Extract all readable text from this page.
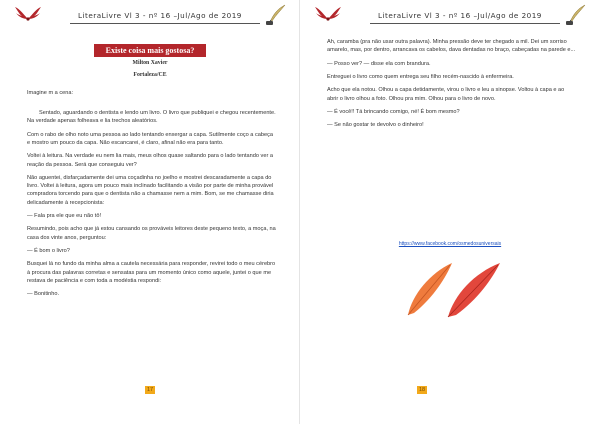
LiteraLivre Vl 3 - nº 16 –Jul/Ago de 2019
Existe coisa mais gostosa?
Milton Xavier
Fortaleza/CE

Imagine m a cena:

Sentado, aguardando o dentista e lendo um livro. O livro que publiquei e chegou recentemente. Na verdade apenas folheava e lia trechos aleatórios.

Com o rabo de olho noto uma pessoa ao lado tentando enxergar a capa. Sutilmente coço a cabeça e mostro um pouco da capa. Não escancarei, é claro, afinal não era para tanto.

Voltei à leitura. Na verdade eu nem lia mais, meus olhos quase saltando para o lado tentando ver a reação da pessoa. Será que conseguiu ver?

Não aguentei, disfarçadamente dei uma coçadinha no joelho e mostrei descaradamente a capa do livro. Voltei à leitura, agora um pouco mais inclinado facilitando a visão por parte de minha provável compradora torcendo para que o dentista não a chamasse nem a mim. Bom, se me chamasse diria delicadamente à recepcionista:

— Fala pra ele que eu não tô!

Resumindo, pois acho que já estou cansando os prováveis leitores deste pequeno texto, a moça, na casa dos vinte anos, perguntou:

— É bom o livro?

Busquei lá no fundo da minha alma a cautela necessária para responder, revirei todo o meu cérebro à procura das palavras corretas e sensatas para um momento único como aquele, juntei o que me restava de paciência e com toda a modéstia respondi:

— Bonitinho.

17
LiteraLivre Vl 3 - nº 16 –Jul/Ago de 2019

Ah, caramba (pra não usar outra palavra). Minha pressão deve ter chegado a mil. Dei um sorriso amarelo, mas, por dentro, arrancava os cabelos, dava dentadas no braço, cabeçadas na parede e...

— Posso ver? — disse ela com brandura.

Entreguei o livro como quem entrega seu filho recém-nascido à enfermeira.

Acho que ela notou. Olhou a capa detidamente, virou o livro e leu a sinopse. Voltou à capa e ao abrir o livro olhou a foto. Olhou pra mim. Olhou para o livro de novo.

— É você!! Tá brincando comigo, né! É bom mesmo?

— Se não gostar te devolvo o dinheiro!

https://www.facebook.com/osmedosuniversais
18
